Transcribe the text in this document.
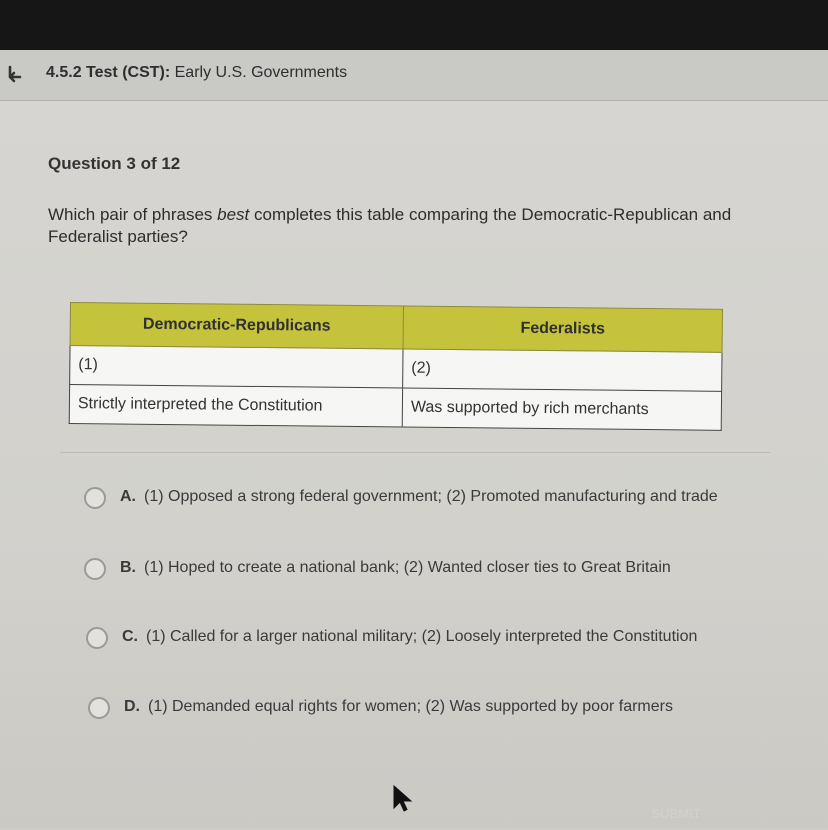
4.5.2 Test (CST): Early U.S. Governments
Question 3 of 12
Which pair of phrases best completes this table comparing the Democratic-Republican and Federalist parties?
Democratic-Republicans	Federalists
(1)	(2)
Strictly interpreted the Constitution	Was supported by rich merchants
A. (1) Opposed a strong federal government; (2) Promoted manufacturing and trade
B. (1) Hoped to create a national bank; (2) Wanted closer ties to Great Britain
C. (1) Called for a larger national military; (2) Loosely interpreted the Constitution
D. (1) Demanded equal rights for women; (2) Was supported by poor farmers
SUBMIT
